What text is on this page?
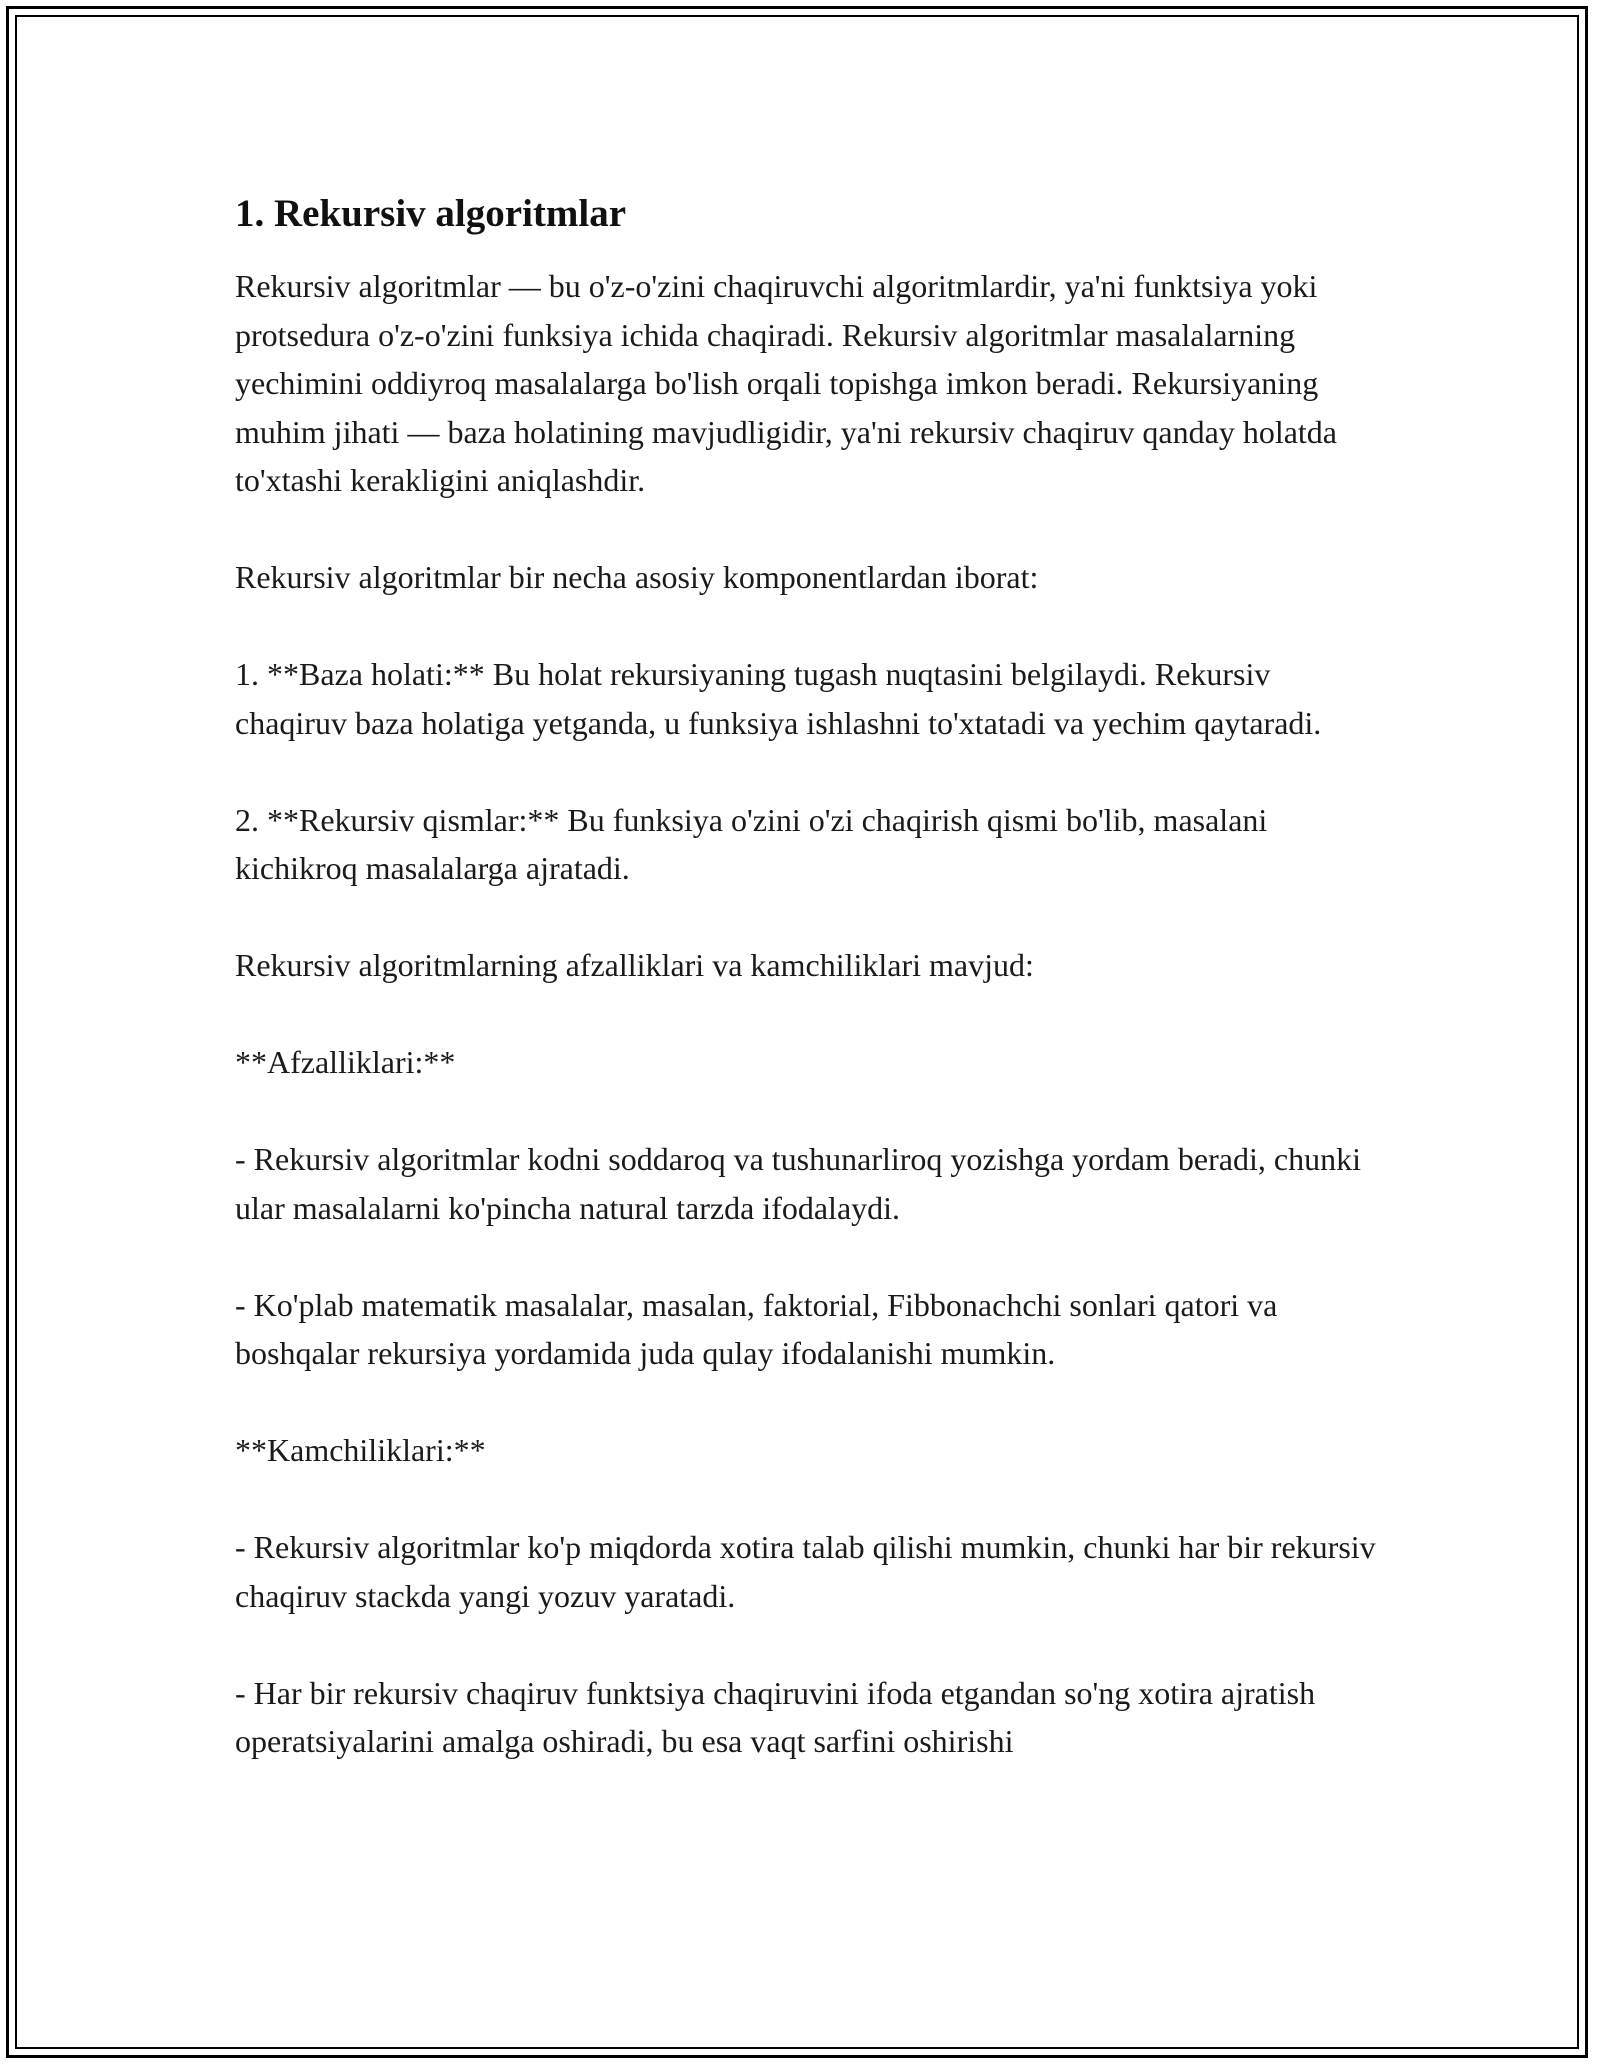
1. Rekursiv algoritmlar

Rekursiv algoritmlar — bu o'z-o'zini chaqiruvchi algoritmlardir, ya'ni funktsiya yoki protsedura o'z-o'zini funksiya ichida chaqiradi. Rekursiv algoritmlar masalalarning yechimini oddiyroq masalalarga bo'lish orqali topishga imkon beradi. Rekursiyaning muhim jihati — baza holatining mavjudligidir, ya'ni rekursiv chaqiruv qanday holatda to'xtashi kerakligini aniqlashdir.

Rekursiv algoritmlar bir necha asosiy komponentlardan iborat:

1. **Baza holati:** Bu holat rekursiyaning tugash nuqtasini belgilaydi. Rekursiv chaqiruv baza holatiga yetganda, u funksiya ishlashni to'xtatadi va yechim qaytaradi.

2. **Rekursiv qismlar:** Bu funksiya o'zini o'zi chaqirish qismi bo'lib, masalani kichikroq masalalarga ajratadi.

Rekursiv algoritmlarning afzalliklari va kamchiliklari mavjud:

**Afzalliklari:**

- Rekursiv algoritmlar kodni soddaroq va tushunarliroq yozishga yordam beradi, chunki ular masalalarni ko'pincha natural tarzda ifodalaydi.

- Ko'plab matematik masalalar, masalan, faktorial, Fibbonachchi sonlari qatori va boshqalar rekursiya yordamida juda qulay ifodalanishi mumkin.

**Kamchiliklari:**

- Rekursiv algoritmlar ko'p miqdorda xotira talab qilishi mumkin, chunki har bir rekursiv chaqiruv stackda yangi yozuv yaratadi.

- Har bir rekursiv chaqiruv funktsiya chaqiruvini ifoda etgandan so'ng xotira ajratish operatsiyalarini amalga oshiradi, bu esa vaqt sarfini oshirishi
